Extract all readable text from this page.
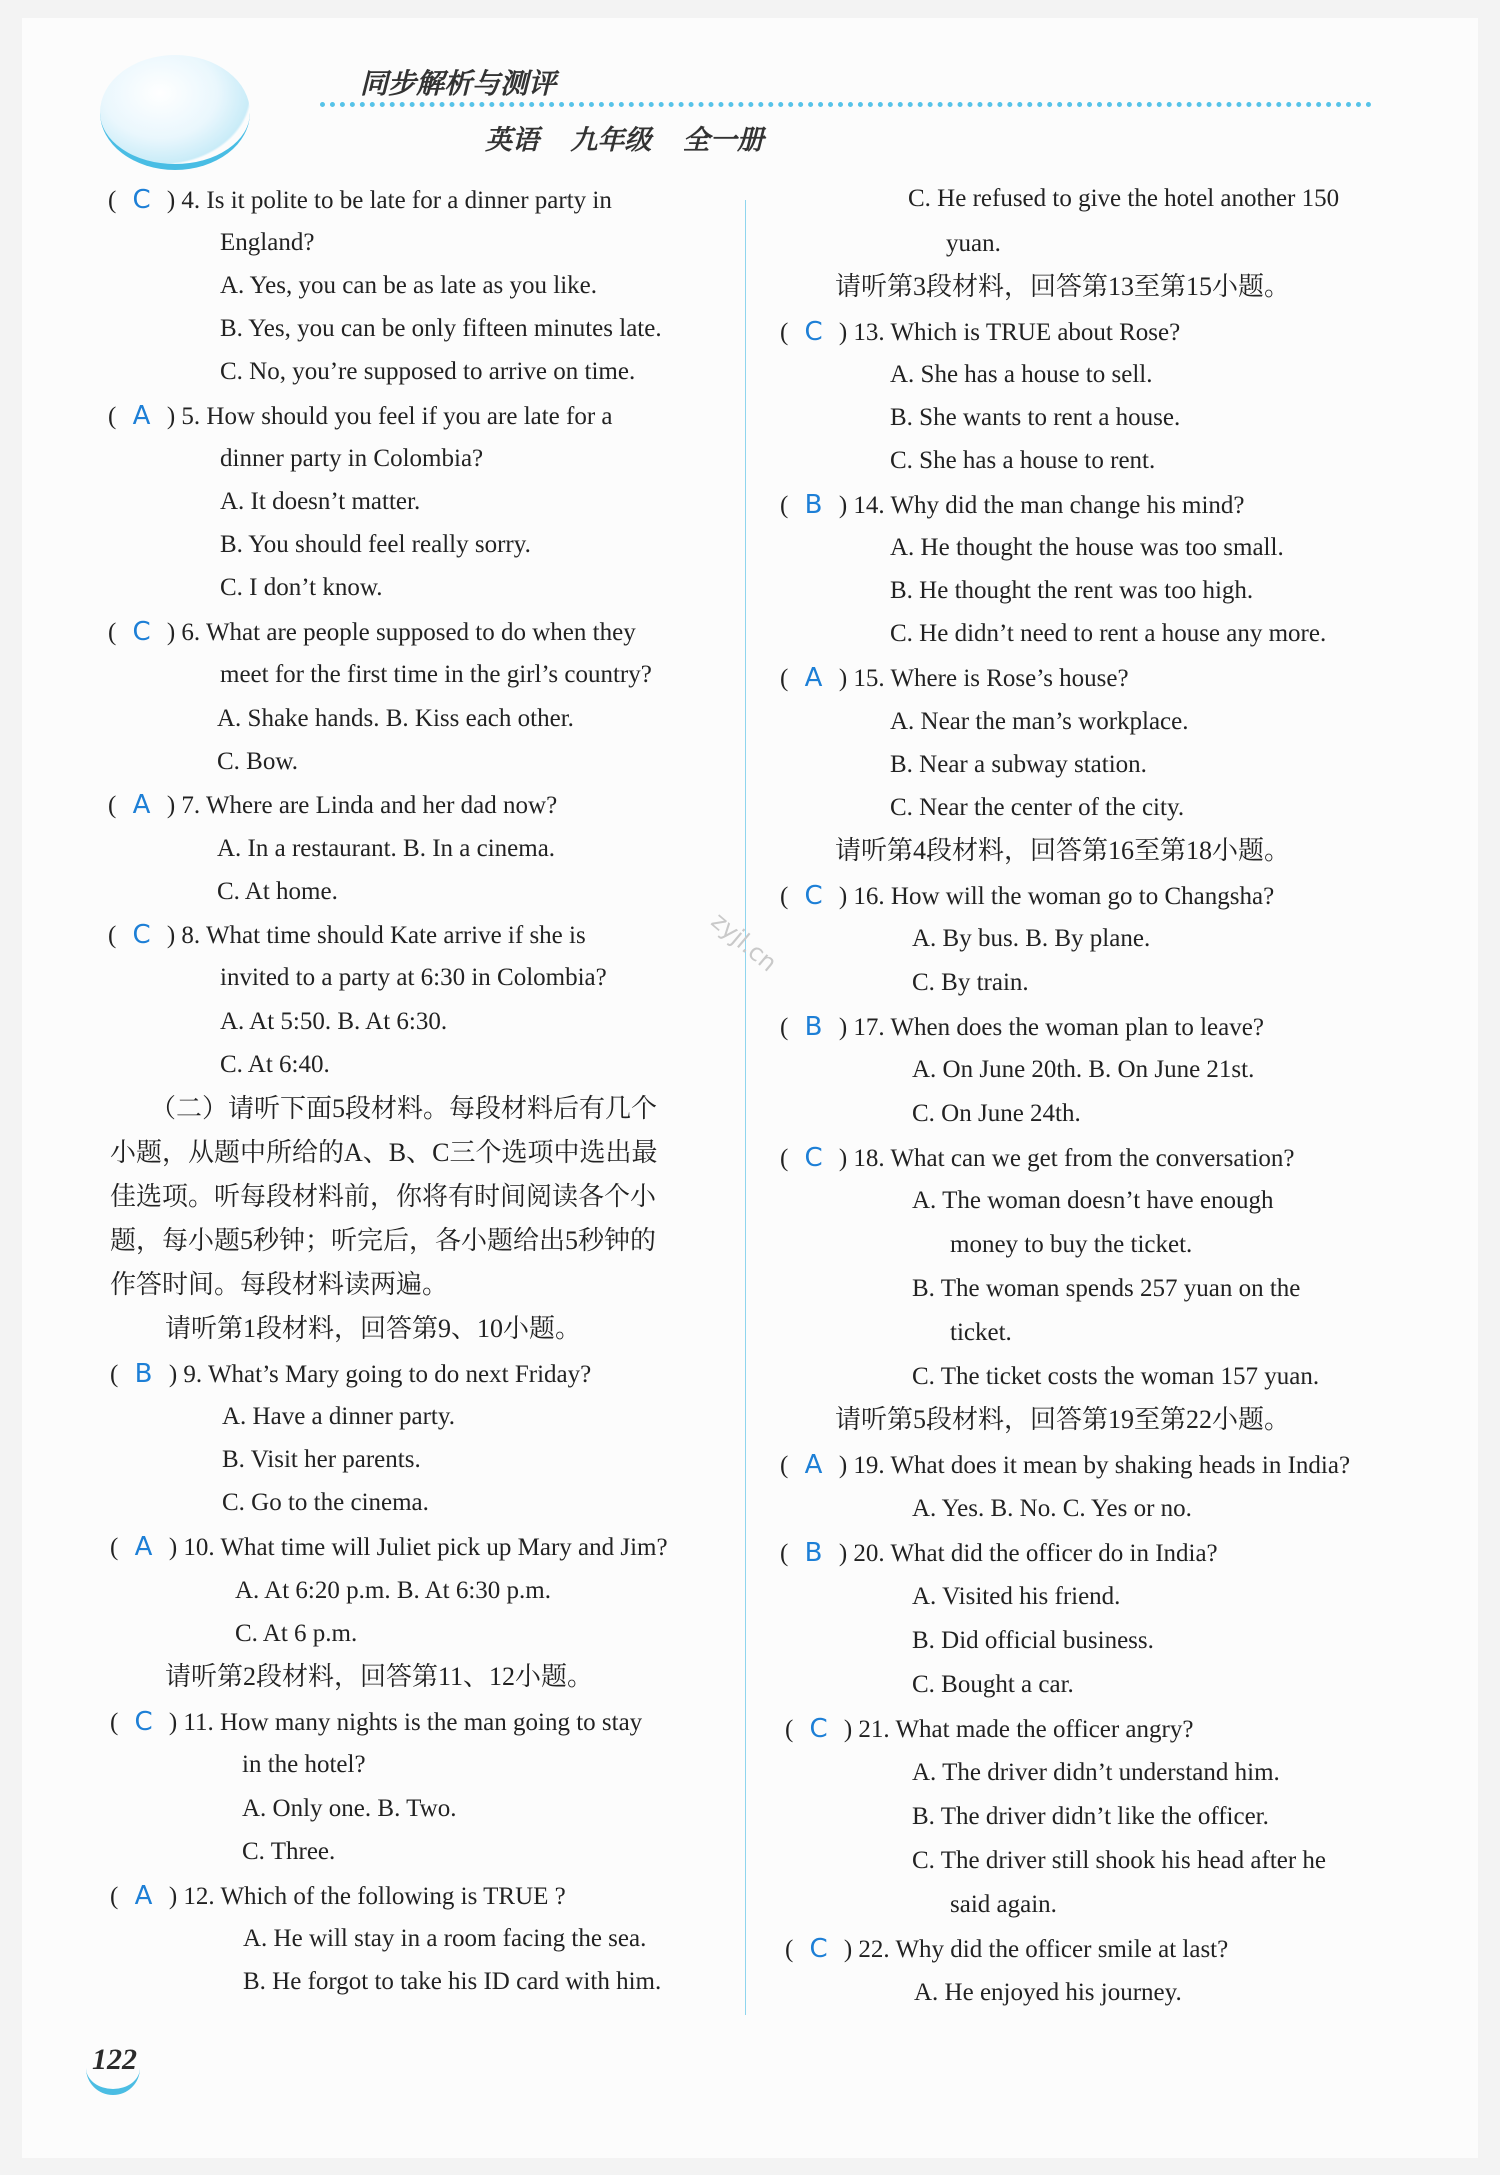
同步解析与测评
英语 九年级 全一册
zyjl.cn
( C ) 4. Is it polite to be late for a dinner party in
England?
A. Yes, you can be as late as you like.
B. Yes, you can be only fifteen minutes late.
C. No, you’re supposed to arrive on time.
( A ) 5. How should you feel if you are late for a
dinner party in Colombia?
A. It doesn’t matter.
B. You should feel really sorry.
C. I don’t know.
( C ) 6. What are people supposed to do when they
meet for the first time in the girl’s country?
A. Shake hands. B. Kiss each other.
C. Bow.
( A ) 7. Where are Linda and her dad now?
A. In a restaurant. B. In a cinema.
C. At home.
( C ) 8. What time should Kate arrive if she is
invited to a party at 6:30 in Colombia?
A. At 5:50. B. At 6:30.
C. At 6:40.
（二）请听下面5段材料。每段材料后有几个
小题，从题中所给的A、B、C三个选项中选出最
佳选项。听每段材料前，你将有时间阅读各个小
题，每小题5秒钟；听完后，各小题给出5秒钟的
作答时间。每段材料读两遍。
请听第1段材料，回答第9、10小题。
( B ) 9. What’s Mary going to do next Friday?
A. Have a dinner party.
B. Visit her parents.
C. Go to the cinema.
( A ) 10. What time will Juliet pick up Mary and Jim?
A. At 6:20 p.m. B. At 6:30 p.m.
C. At 6 p.m.
请听第2段材料，回答第11、12小题。
( C ) 11. How many nights is the man going to stay
in the hotel?
A. Only one. B. Two.
C. Three.
( A ) 12. Which of the following is TRUE ?
A. He will stay in a room facing the sea.
B. He forgot to take his ID card with him.
C. He refused to give the hotel another 150
yuan.
请听第3段材料，回答第13至第15小题。
( C ) 13. Which is TRUE about Rose?
A. She has a house to sell.
B. She wants to rent a house.
C. She has a house to rent.
( B ) 14. Why did the man change his mind?
A. He thought the house was too small.
B. He thought the rent was too high.
C. He didn’t need to rent a house any more.
( A ) 15. Where is Rose’s house?
A. Near the man’s workplace.
B. Near a subway station.
C. Near the center of the city.
请听第4段材料，回答第16至第18小题。
( C ) 16. How will the woman go to Changsha?
A. By bus. B. By plane.
C. By train.
( B ) 17. When does the woman plan to leave?
A. On June 20th. B. On June 21st.
C. On June 24th.
( C ) 18. What can we get from the conversation?
A. The woman doesn’t have enough
money to buy the ticket.
B. The woman spends 257 yuan on the
ticket.
C. The ticket costs the woman 157 yuan.
请听第5段材料，回答第19至第22小题。
( A ) 19. What does it mean by shaking heads in India?
A. Yes. B. No. C. Yes or no.
( B ) 20. What did the officer do in India?
A. Visited his friend.
B. Did official business.
C. Bought a car.
( C ) 21. What made the officer angry?
A. The driver didn’t understand him.
B. The driver didn’t like the officer.
C. The driver still shook his head after he
said again.
( C ) 22. Why did the officer smile at last?
A. He enjoyed his journey.
122
